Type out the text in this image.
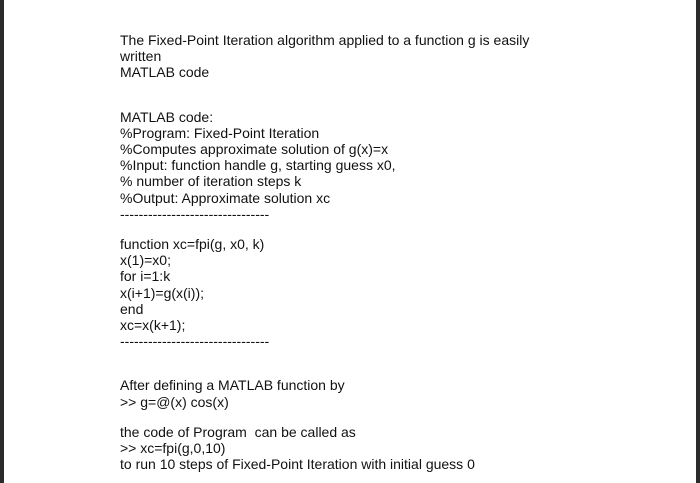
The Fixed-Point Iteration algorithm applied to a function g is easily

written

MATLAB code

MATLAB code:

%Program: Fixed-Point Iteration

%Computes approximate solution of g(x)=x

%Input: function handle g, starting guess x0,

% number of iteration steps k

%Output: Approximate solution xc

--------------------------------

function xc=fpi(g, x0, k)

x(1)=x0;

for i=1:k

x(i+1)=g(x(i));

end

xc=x(k+1);

--------------------------------

After defining a MATLAB function by

>> g=@(x) cos(x)

the code of Program  can be called as

>> xc=fpi(g,0,10)

to run 10 steps of Fixed-Point Iteration with initial guess 0
